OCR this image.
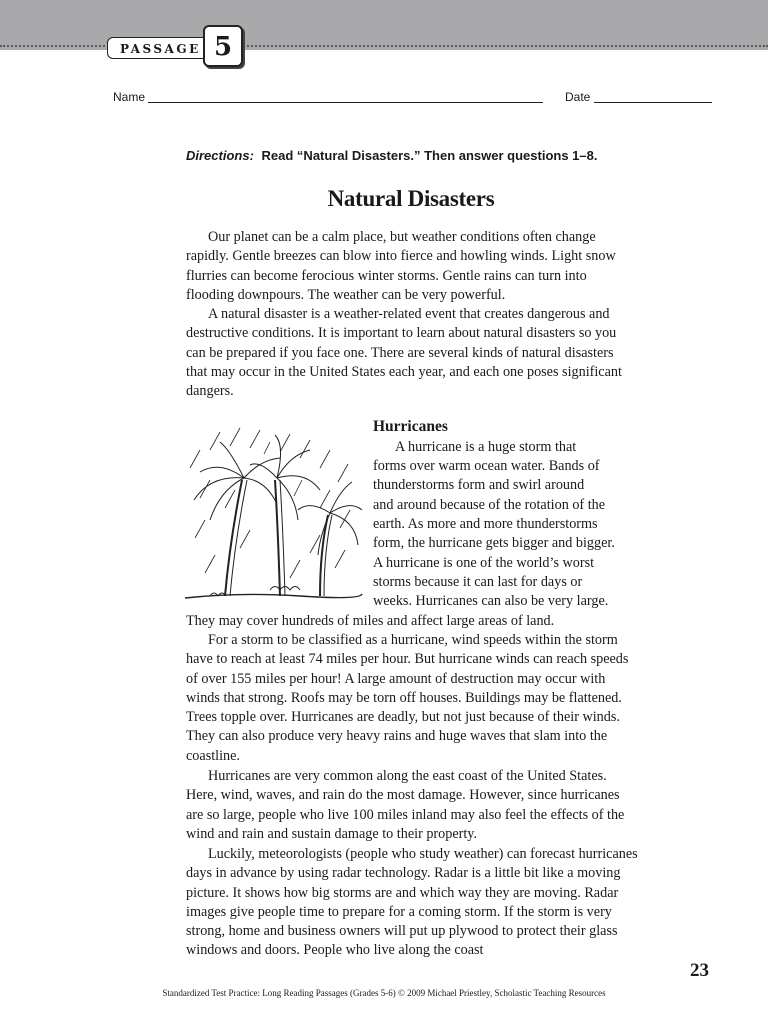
PASSAGE 5
Name	Date
Directions: Read “Natural Disasters.” Then answer questions 1–8.
Natural Disasters

Our planet can be a calm place, but weather conditions often change rapidly. Gentle breezes can blow into fierce and howling winds. Light snow flurries can become ferocious winter storms. Gentle rains can turn into flooding downpours. The weather can be very powerful.

A natural disaster is a weather-related event that creates dangerous and destructive conditions. It is important to learn about natural disasters so you can be prepared if you face one. There are several kinds of natural disasters that may occur in the United States each year, and each one poses significant dangers.

Hurricanes
A hurricane is a huge storm that
forms over warm ocean water. Bands of
thunderstorms form and swirl around
and around because of the rotation of the
earth. As more and more thunderstorms
form, the hurricane gets bigger and bigger.
A hurricane is one of the world’s worst
storms because it can last for days or
weeks. Hurricanes can also be very large.
They may cover hundreds of miles and affect large areas of land.

For a storm to be classified as a hurricane, wind speeds within the storm have to reach at least 74 miles per hour. But hurricane winds can reach speeds of over 155 miles per hour! A large amount of destruction may occur with winds that strong. Roofs may be torn off houses. Buildings may be flattened. Trees topple over. Hurricanes are deadly, but not just because of their winds. They can also produce very heavy rains and huge waves that slam into the coastline.

Hurricanes are very common along the east coast of the United States. Here, wind, waves, and rain do the most damage. However, since hurricanes are so large, people who live 100 miles inland may also feel the effects of the wind and rain and sustain damage to their property.

Luckily, meteorologists (people who study weather) can forecast hurricanes days in advance by using radar technology. Radar is a little bit like a moving picture. It shows how big storms are and which way they are moving. Radar images give people time to prepare for a coming storm. If the storm is very strong, home and business owners will put up plywood to protect their glass windows and doors. People who live along the coast

23
Standardized Test Practice: Long Reading Passages (Grades 5-6) © 2009 Michael Priestley, Scholastic Teaching Resources
